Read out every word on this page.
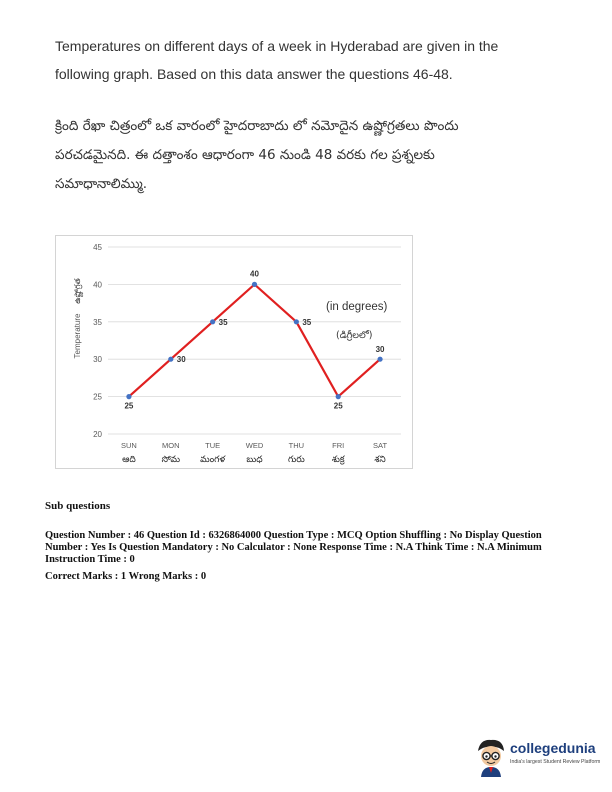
Temperatures on different days of a week in Hyderabad are given in the following graph. Based on this data answer the questions 46-48.
క్రింది రేఖా చిత్రంలో ఒక వారంలో హైదరాబాదు లో నమోదైన ఉష్ణోగ్రతలు పొందు పరచడమైనది. ఈ దత్తాంశం ఆధారంగా 46 నుండి 48 వరకు గల ప్రశ్నలకు సమాధానాలిమ్ము.
20
25
30
35
40
45
Temperature
ఉష్ణోగ్రత
SUN
ఆది
MON
సోమ
TUE
మంగళ
WED
బుధ
THU
గురు
FRI
శుక్ర
SAT
శని
25
30
35
40
35
25
30
(in degrees)
(డిగ్రీలలో)
Sub questions
Question Number : 46 Question Id : 6326864000 Question Type : MCQ Option Shuffling : No Display Question Number : Yes Is Question Mandatory : No Calculator : None Response Time : N.A Think Time : N.A Minimum Instruction Time : 0
Correct Marks : 1 Wrong Marks : 0
collegedunia
India's largest Student Review Platform
